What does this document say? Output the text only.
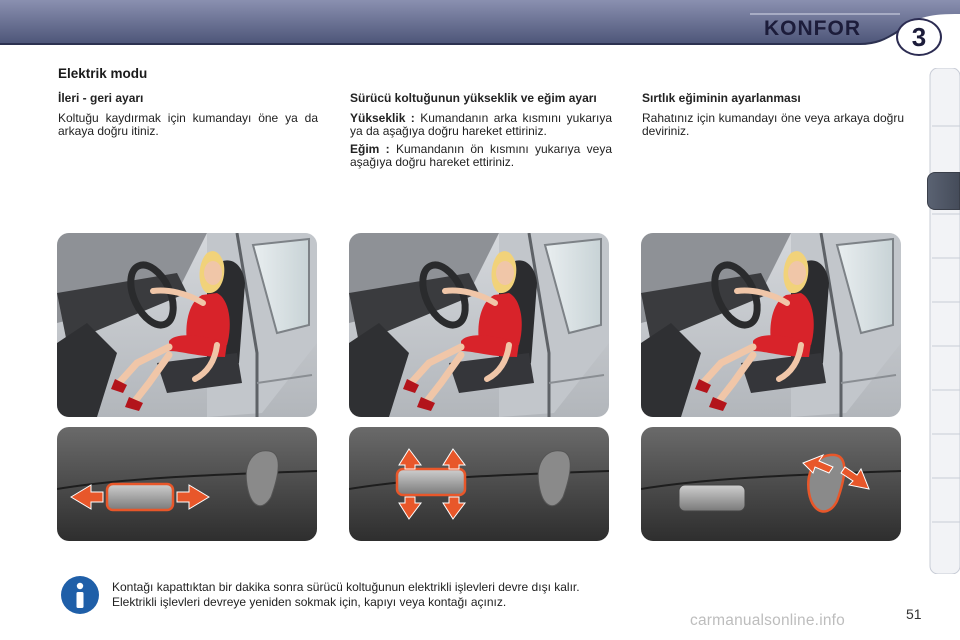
KONFOR	3
Elektrik modu
İleri - geri ayarı

Koltuğu kaydırmak için kumandayı öne ya da arkaya doğru itiniz.

Sürücü koltuğunun yükseklik ve eğim ayarı

Yükseklik : Kumandanın arka kısmını yukarıya ya da aşağıya doğru hareket ettiriniz.

Eğim : Kumandanın ön kısmını yukarıya veya aşağıya doğru hareket ettiriniz.

Sırtlık eğiminin ayarlanması

Rahatınız için kumandayı öne veya arkaya doğru deviriniz.

Kontağı kapattıktan bir dakika sonra sürücü koltuğunun elektrikli işlevleri devre dışı kalır.
Elektrikli işlevleri devreye yeniden sokmak için, kapıyı veya kontağı açınız.
51
carmanualsonline.info
